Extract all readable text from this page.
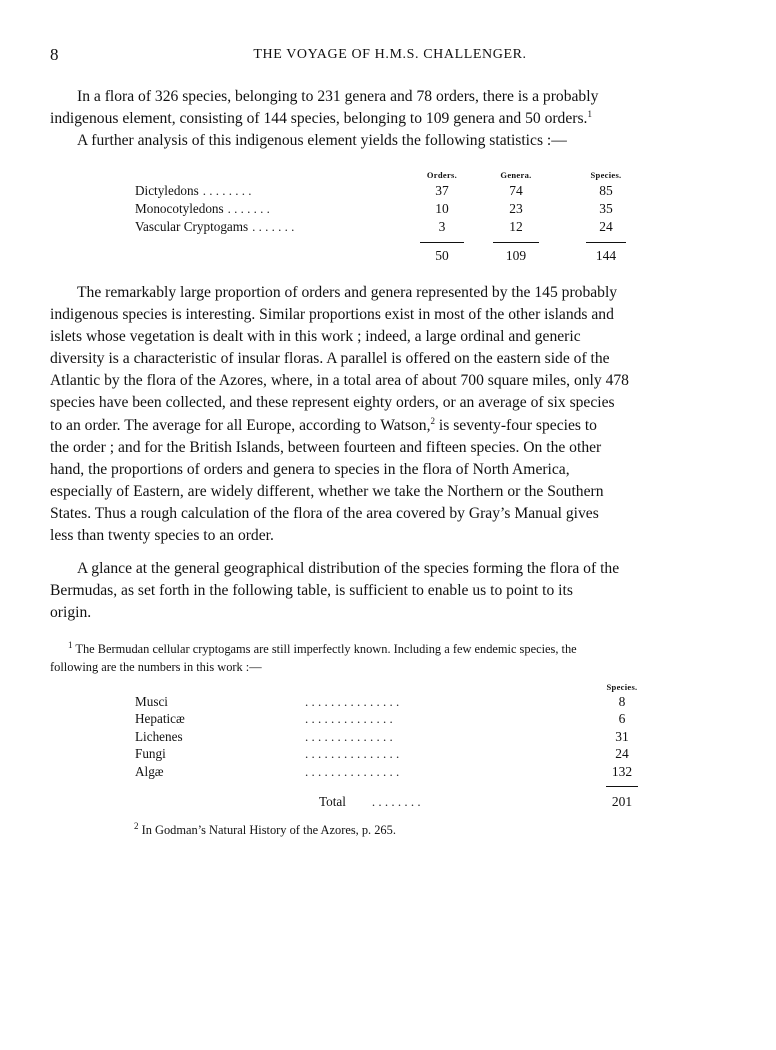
8	THE VOYAGE OF H.M.S. CHALLENGER.
In a flora of 326 species, belonging to 231 genera and 78 orders, there is a probably
indigenous element, consisting of 144 species, belonging to 109 genera and 50 orders.$^1$
A further analysis of this indigenous element yields the following statistics :—
	Orders.	Genera.	Species.
Dictyledons . . . . . . . .	37	74	85
Monocotyledons . . . . . . .	10	23	35
Vascular Cryptogams . . . . . . .	3	12	24

	50	109	144
The remarkably large proportion of orders and genera represented by the 145 probably
indigenous species is interesting. Similar proportions exist in most of the other islands and
islets whose vegetation is dealt with in this work ; indeed, a large ordinal and generic
diversity is a characteristic of insular floras. A parallel is offered on the eastern side of the
Atlantic by the flora of the Azores, where, in a total area of about 700 square miles, only 478
species have been collected, and these represent eighty orders, or an average of six species
to an order. The average for all Europe, according to Watson,$^2$ is seventy-four species to
the order ; and for the British Islands, between fourteen and fifteen species. On the other
hand, the proportions of orders and genera to species in the flora of North America,
especially of Eastern, are widely different, whether we take the Northern or the Southern
States. Thus a rough calculation of the flora of the area covered by Gray’s Manual gives
less than twenty species to an order.
A glance at the general geographical distribution of the species forming the flora of the
Bermudas, as set forth in the following table, is sufficient to enable us to point to its
origin.
$^1$ The Bermudan cellular cryptogams are still imperfectly known. Including a few endemic species, the
following are the numbers in this work :—
		Species.
Musci	. . . . . . . . . . . . . . .	8
Hepaticæ	. . . . . . . . . . . . . .	6
Lichenes	. . . . . . . . . . . . . .	31
Fungi	. . . . . . . . . . . . . . .	24
Algæ	. . . . . . . . . . . . . . .	132

	Total . . . . . . . .	201
$^2$ In Godman’s Natural History of the Azores, p. 265.
